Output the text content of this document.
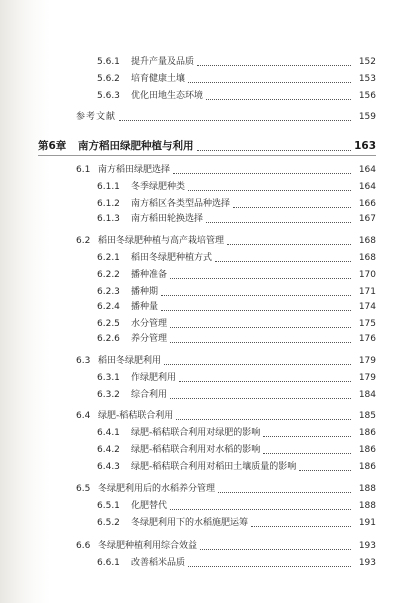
5.6.1	提升产量及品质	152
5.6.2	培育健康土壤	153
5.6.3	优化田地生态环境	156
参考文献	159
第6章	南方稻田绿肥种植与利用	163
6.1 南方稻田绿肥选择	164
6.1.1	冬季绿肥种类	164
6.1.2	南方稻区各类型品种选择	166
6.1.3	南方稻田轮换选择	167
6.2 稻田冬绿肥种植与高产栽培管理	168
6.2.1	稻田冬绿肥种植方式	168
6.2.2	播种准备	170
6.2.3	播种期	171
6.2.4	播种量	174
6.2.5	水分管理	175
6.2.6	养分管理	176
6.3 稻田冬绿肥利用	179
6.3.1	作绿肥利用	179
6.3.2	综合利用	184
6.4 绿肥-稻秸联合利用	185
6.4.1	绿肥-稻秸联合利用对绿肥的影响	186
6.4.2	绿肥-稻秸联合利用对水稻的影响	186
6.4.3	绿肥-稻秸联合利用对稻田土壤质量的影响	186
6.5 冬绿肥利用后的水稻养分管理	188
6.5.1	化肥替代	188
6.5.2	冬绿肥利用下的水稻施肥运筹	191
6.6 冬绿肥种植利用综合效益	193
6.6.1	改善稻米品质	193
